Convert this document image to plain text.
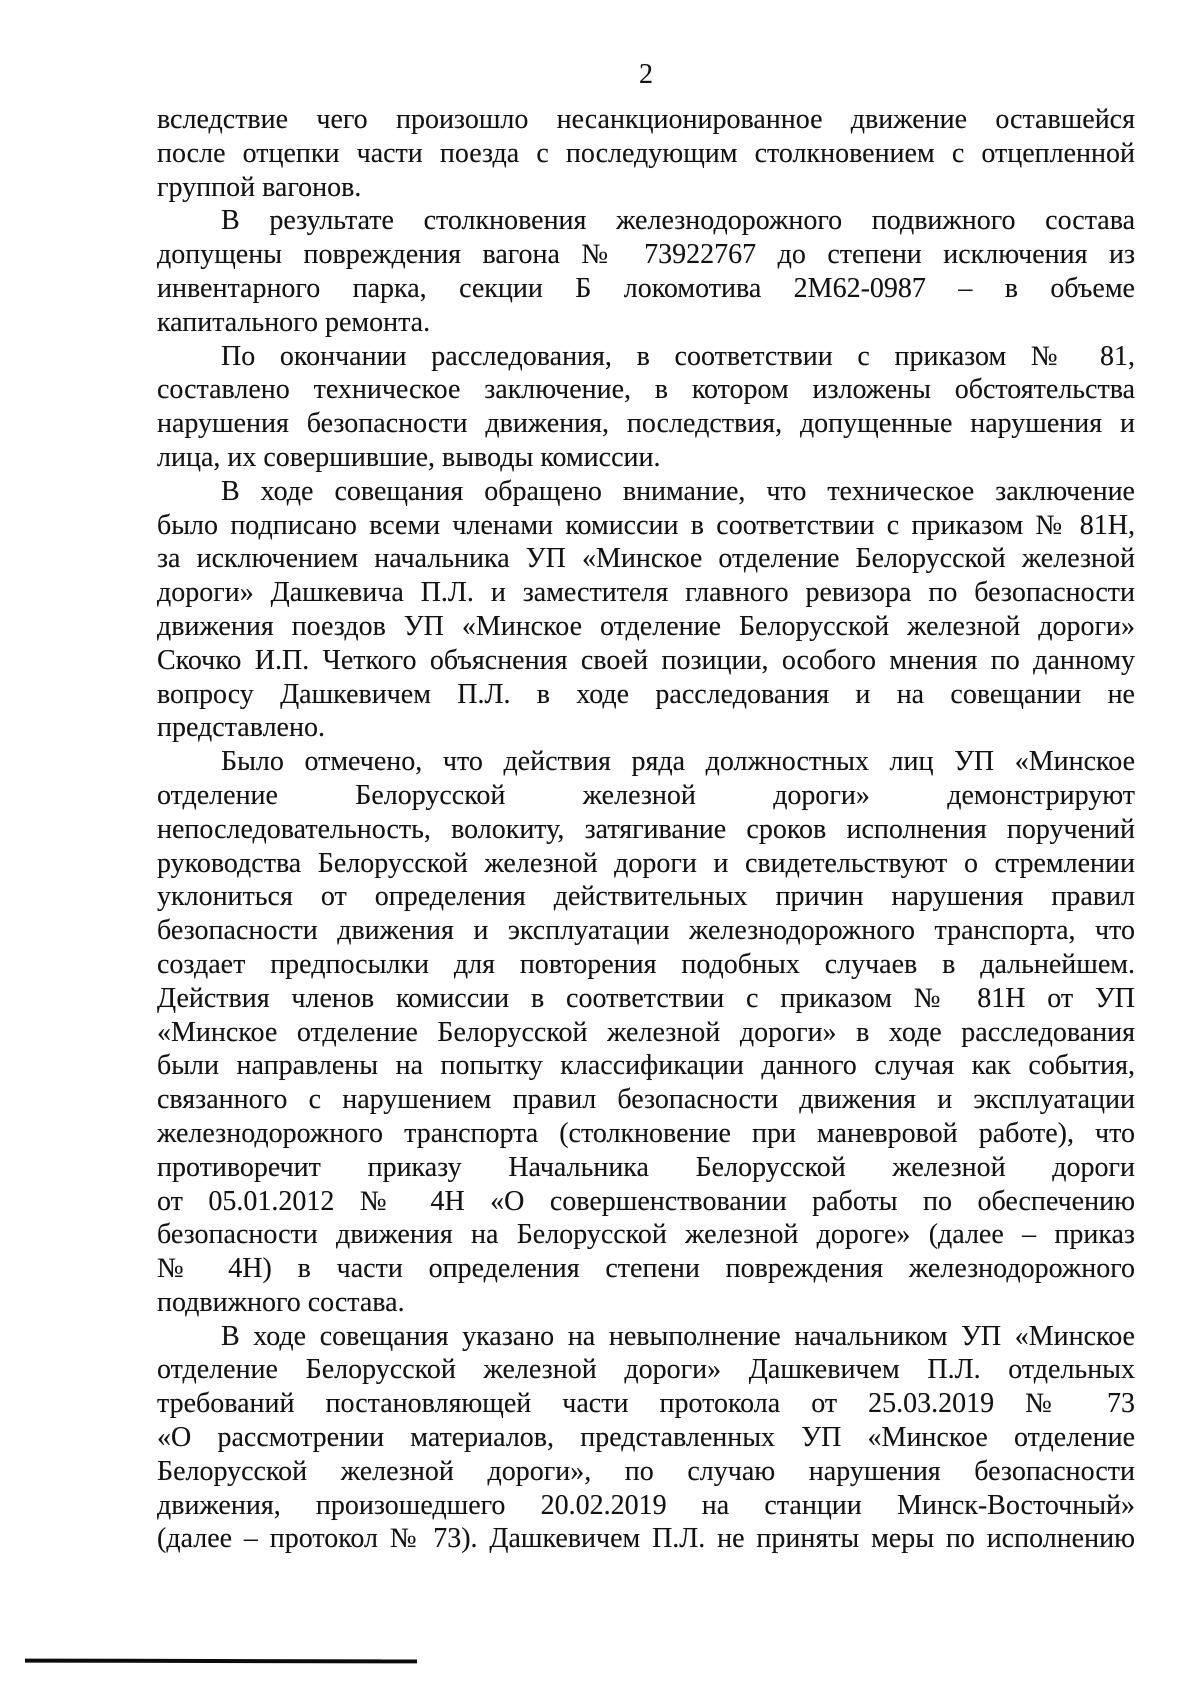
2
вследствие чего произошло несанкционированное движение оставшейся
после отцепки части поезда с последующим столкновением с отцепленной
группой вагонов.
В результате столкновения железнодорожного подвижного состава
допущены повреждения вагона № 73922767 до степени исключения из
инвентарного парка, секции Б локомотива 2М62-0987 – в объеме
капитального ремонта.
По окончании расследования, в соответствии с приказом № 81,
составлено техническое заключение, в котором изложены обстоятельства
нарушения безопасности движения, последствия, допущенные нарушения и
лица, их совершившие, выводы комиссии.
В ходе совещания обращено внимание, что техническое заключение
было подписано всеми членами комиссии в соответствии с приказом № 81Н,
за исключением начальника УП «Минское отделение Белорусской железной
дороги» Дашкевича П.Л. и заместителя главного ревизора по безопасности
движения поездов УП «Минское отделение Белорусской железной дороги»
Скочко И.П. Четкого объяснения своей позиции, особого мнения по данному
вопросу Дашкевичем П.Л. в ходе расследования и на совещании не
представлено.
Было отмечено, что действия ряда должностных лиц УП «Минское
отделение Белорусской железной дороги» демонстрируют
непоследовательность, волокиту, затягивание сроков исполнения поручений
руководства Белорусской железной дороги и свидетельствуют о стремлении
уклониться от определения действительных причин нарушения правил
безопасности движения и эксплуатации железнодорожного транспорта, что
создает предпосылки для повторения подобных случаев в дальнейшем.
Действия членов комиссии в соответствии с приказом № 81Н от УП
«Минское отделение Белорусской железной дороги» в ходе расследования
были направлены на попытку классификации данного случая как события,
связанного с нарушением правил безопасности движения и эксплуатации
железнодорожного транспорта (столкновение при маневровой работе), что
противоречит приказу Начальника Белорусской железной дороги
от 05.01.2012 № 4Н «О совершенствовании работы по обеспечению
безопасности движения на Белорусской железной дороге» (далее – приказ
№ 4Н) в части определения степени повреждения железнодорожного
подвижного состава.
В ходе совещания указано на невыполнение начальником УП «Минское
отделение Белорусской железной дороги» Дашкевичем П.Л. отдельных
требований постановляющей части протокола от 25.03.2019 № 73
«О рассмотрении материалов, представленных УП «Минское отделение
Белорусской железной дороги», по случаю нарушения безопасности
движения, произошедшего 20.02.2019 на станции Минск-Восточный»
(далее – протокол № 73). Дашкевичем П.Л. не приняты меры по исполнению
